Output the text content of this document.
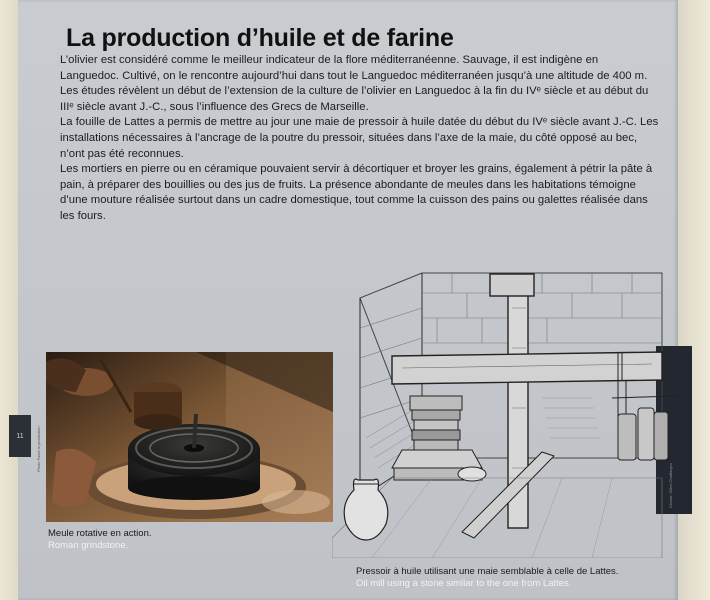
La production d’huile et de farine

L’olivier est considéré comme le meilleur indicateur de la flore méditerranéenne. Sauvage, il est indigène en Languedoc. Cultivé, on le rencontre aujourd’hui dans tout le Languedoc méditerranéen jusqu’à une altitude de 400 m. Les études révèlent un début de l’extension de la culture de l’olivier en Languedoc à la fin du IVᵉ siècle et au début du IIIᵉ siècle avant J.-C., sous l’influence des Grecs de Marseille.

La fouille de Lattes a permis de mettre au jour une maie de pressoir à huile datée du début du IVᵉ siècle avant J.-C. Les installations nécessaires à l’ancrage de la poutre du pressoir, situées dans l’axe de la maie, du côté opposé au bec, n’ont pas été reconnues.

Les mortiers en pierre ou en céramique pouvaient servir à décortiquer et broyer les grains, également à pétrir la pâte à pain, à préparer des bouillies ou des jus de fruits. La présence abondante de meules dans les habitations témoigne d’une mouture réalisée surtout dans un cadre domestique, tout comme la cuisson des pains ou galettes réalisée dans les fours.

11	Photo Favet la production
Meule rotative en action.
Roman grindstone.
Dessin: Gilles Chaffanjon
Pressoir à huile utilisant une maie semblable à celle de Lattes.
Oil mill using a stone similar to the one from Lattes.
